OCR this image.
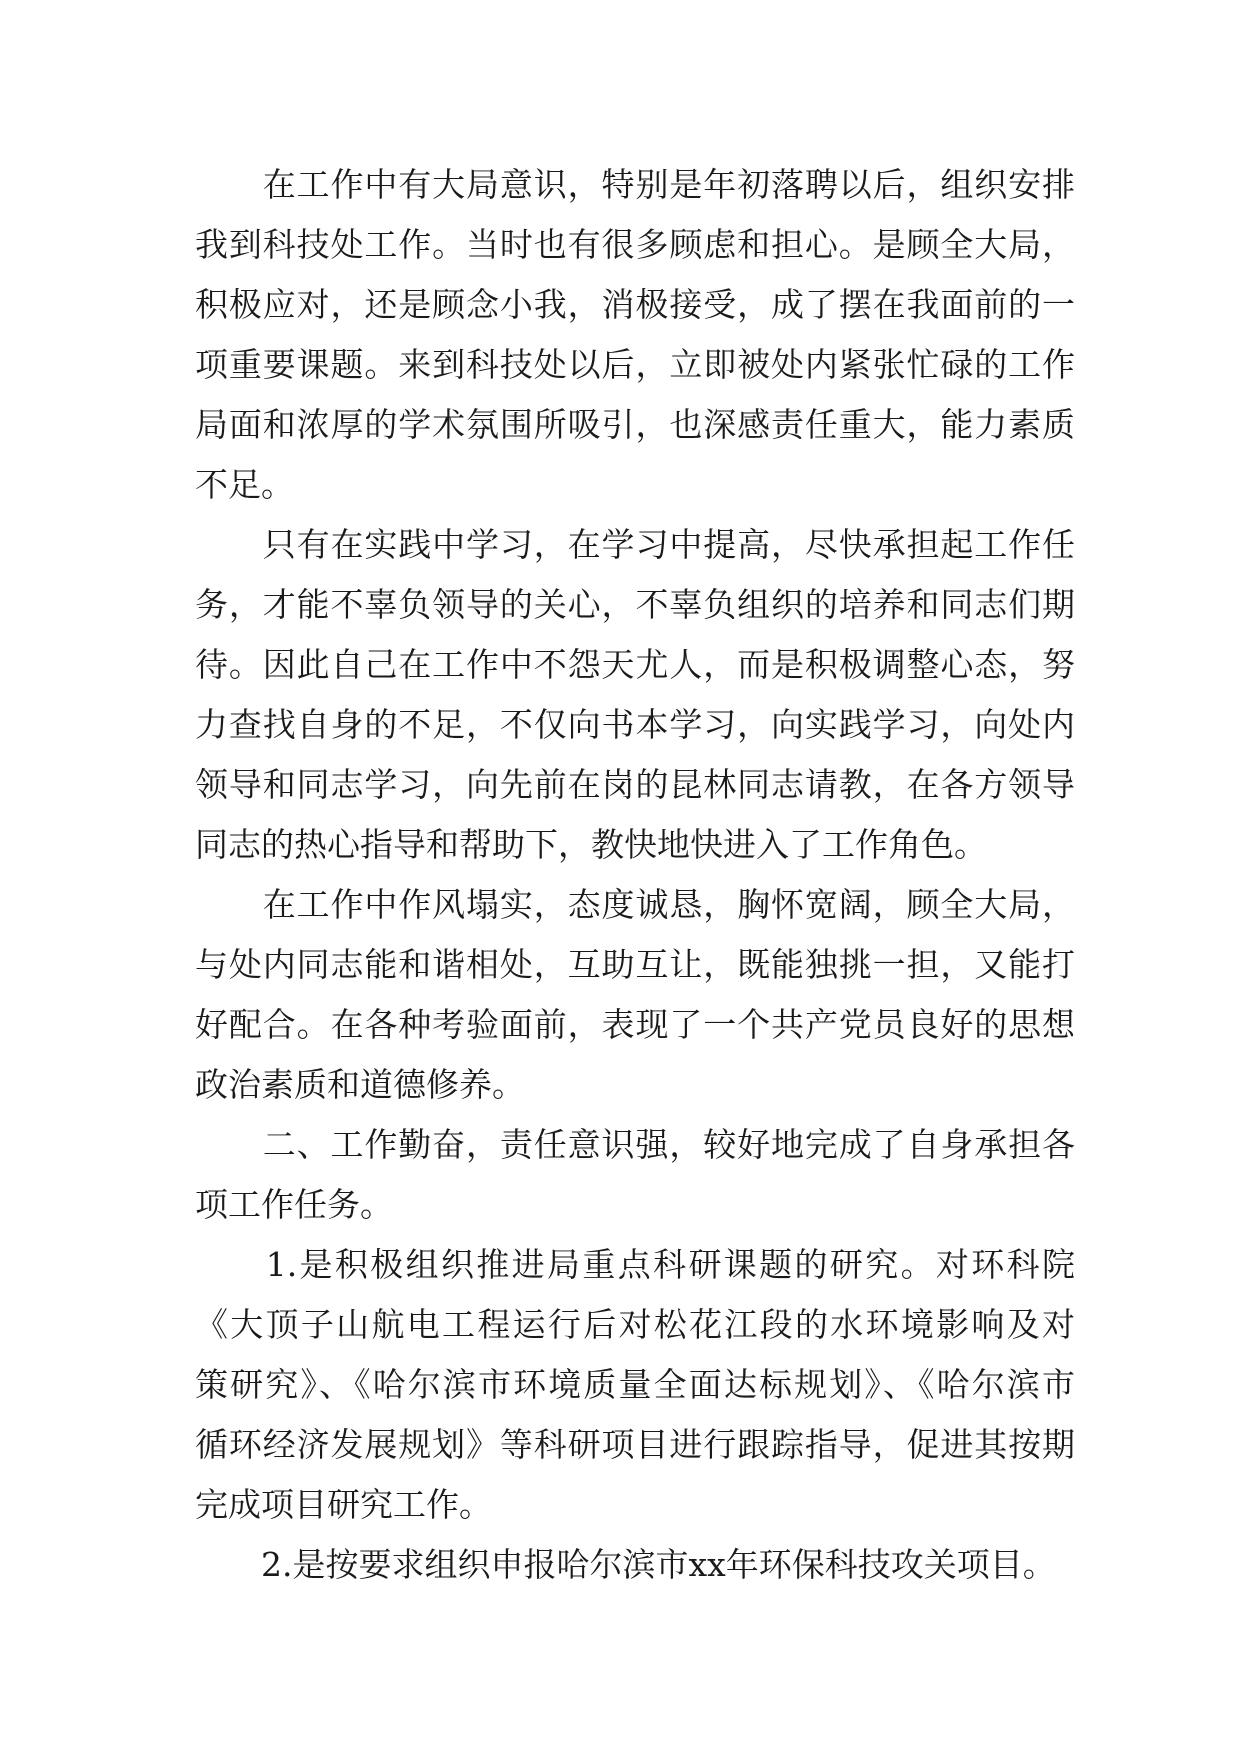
　　在工作中有大局意识，特别是年初落聘以后，组织安排
我到科技处工作。当时也有很多顾虑和担心。是顾全大局，
积极应对，还是顾念小我，消极接受，成了摆在我面前的一
项重要课题。来到科技处以后，立即被处内紧张忙碌的工作
局面和浓厚的学术氛围所吸引，也深感责任重大，能力素质
不足。
　　只有在实践中学习，在学习中提高，尽快承担起工作任
务，才能不辜负领导的关心，不辜负组织的培养和同志们期
待。因此自己在工作中不怨天尤人，而是积极调整心态，努
力查找自身的不足，不仅向书本学习，向实践学习，向处内
领导和同志学习，向先前在岗的昆林同志请教，在各方领导
同志的热心指导和帮助下，教快地快进入了工作角色。
　　在工作中作风塌实，态度诚恳，胸怀宽阔，顾全大局，
与处内同志能和谐相处，互助互让，既能独挑一担，又能打
好配合。在各种考验面前，表现了一个共产党员良好的思想
政治素质和道德修养。
　　二、工作勤奋，责任意识强，较好地完成了自身承担各
项工作任务。
　　1.是积极组织推进局重点科研课题的研究。对环科院
《大顶子山航电工程运行后对松花江段的水环境影响及对
策研究》、《哈尔滨市环境质量全面达标规划》、《哈尔滨市
循环经济发展规划》等科研项目进行跟踪指导，促进其按期
完成项目研究工作。
　　2.是按要求组织申报哈尔滨市xx年环保科技攻关项目。
